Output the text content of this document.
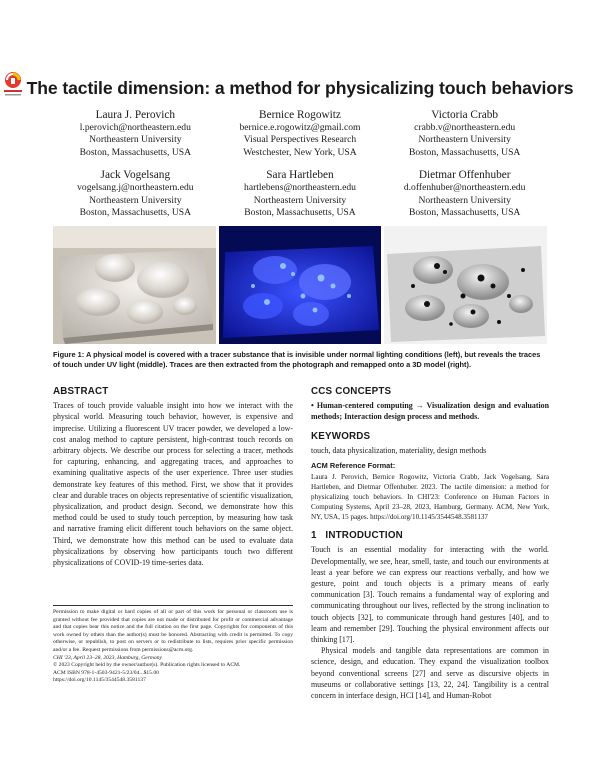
The tactile dimension: a method for physicalizing touch behaviors
Laura J. Perovich
l.perovich@northeastern.edu
Northeastern University
Boston, Massachusetts, USA
Bernice Rogowitz
bernice.e.rogowitz@gmail.com
Visual Perspectives Research
Westchester, New York, USA
Victoria Crabb
crabb.v@northeastern.edu
Northeastern University
Boston, Massachusetts, USA
Jack Vogelsang
vogelsang.j@northeastern.edu
Northeastern University
Boston, Massachusetts, USA
Sara Hartleben
hartlebens@northeastern.edu
Northeastern University
Boston, Massachusetts, USA
Dietmar Offenhuber
d.offenhuber@northeastern.edu
Northeastern University
Boston, Massachusetts, USA
Figure 1: A physical model is covered with a tracer substance that is invisible under normal lighting conditions (left), but reveals the traces of touch under UV light (middle). Traces are then extracted from the photograph and remapped onto a 3D model (right).
ABSTRACT

Traces of touch provide valuable insight into how we interact with the physical world. Measuring touch behavior, however, is expensive and imprecise. Utilizing a fluorescent UV tracer powder, we developed a low-cost analog method to capture persistent, high-contrast touch records on arbitrary objects. We describe our process for selecting a tracer, methods for capturing, enhancing, and aggregating traces, and approaches to examining qualitative aspects of the user experience. Three user studies demonstrate key features of this method. First, we show that it provides clear and durable traces on objects representative of scientific visualization, physicalization, and product design. Second, we demonstrate how this method could be used to study touch perception, by measuring how task and narrative framing elicit different touch behaviors on the same object. Third, we demonstrate how this method can be used to evaluate data physicalizations by observing how participants touch two different physicalizations of COVID-19 time-series data.

Permission to make digital or hard copies of all or part of this work for personal or classroom use is granted without fee provided that copies are not made or distributed for profit or commercial advantage and that copies bear this notice and the full citation on the first page. Copyrights for components of this work owned by others than the author(s) must be honored. Abstracting with credit is permitted. To copy otherwise, or republish, to post on servers or to redistribute to lists, requires prior specific permission and/or a fee. Request permissions from permissions@acm.org.
CHI '23, April 23–28, 2023, Hamburg, Germany
© 2023 Copyright held by the owner/author(s). Publication rights licensed to ACM.
ACM ISBN 978-1-4503-9421-5/23/04...$15.00
https://doi.org/10.1145/3544548.3581137
CCS CONCEPTS

• Human-centered computing → Visualization design and evaluation methods; Interaction design process and methods.

KEYWORDS

touch, data physicalization, materiality, design methods

ACM Reference Format:

Laura J. Perovich, Bernice Rogowitz, Victoria Crabb, Jack Vogelsang, Sara Hartleben, and Dietmar Offenhuber. 2023. The tactile dimension: a method for physicalizing touch behaviors. In CHI'23: Conference on Human Factors in Computing Systems, April 23–28, 2023, Hamburg, Germany. ACM, New York, NY, USA, 15 pages. https://doi.org/10.1145/3544548.3581137

1   INTRODUCTION

Touch is an essential modality for interacting with the world. Developmentally, we see, hear, smell, taste, and touch our environments at least a year before we can express our reactions verbally, and how we gesture, point and touch objects is a primary means of early communication [3]. Touch remains a fundamental way of exploring and communicating throughout our lives, reflected by the strong inclination to touch objects [32], to communicate through hand gestures [40], and to learn and remember [29]. Touching the physical environment affects our thinking [17].

Physical models and tangible data representations are common in science, design, and education. They expand the visualization toolbox beyond conventional screens [27] and serve as discursive objects in museums or collaborative settings [13, 22, 24]. Tangibility is a central concern in interface design, HCI [14], and Human-Robot
